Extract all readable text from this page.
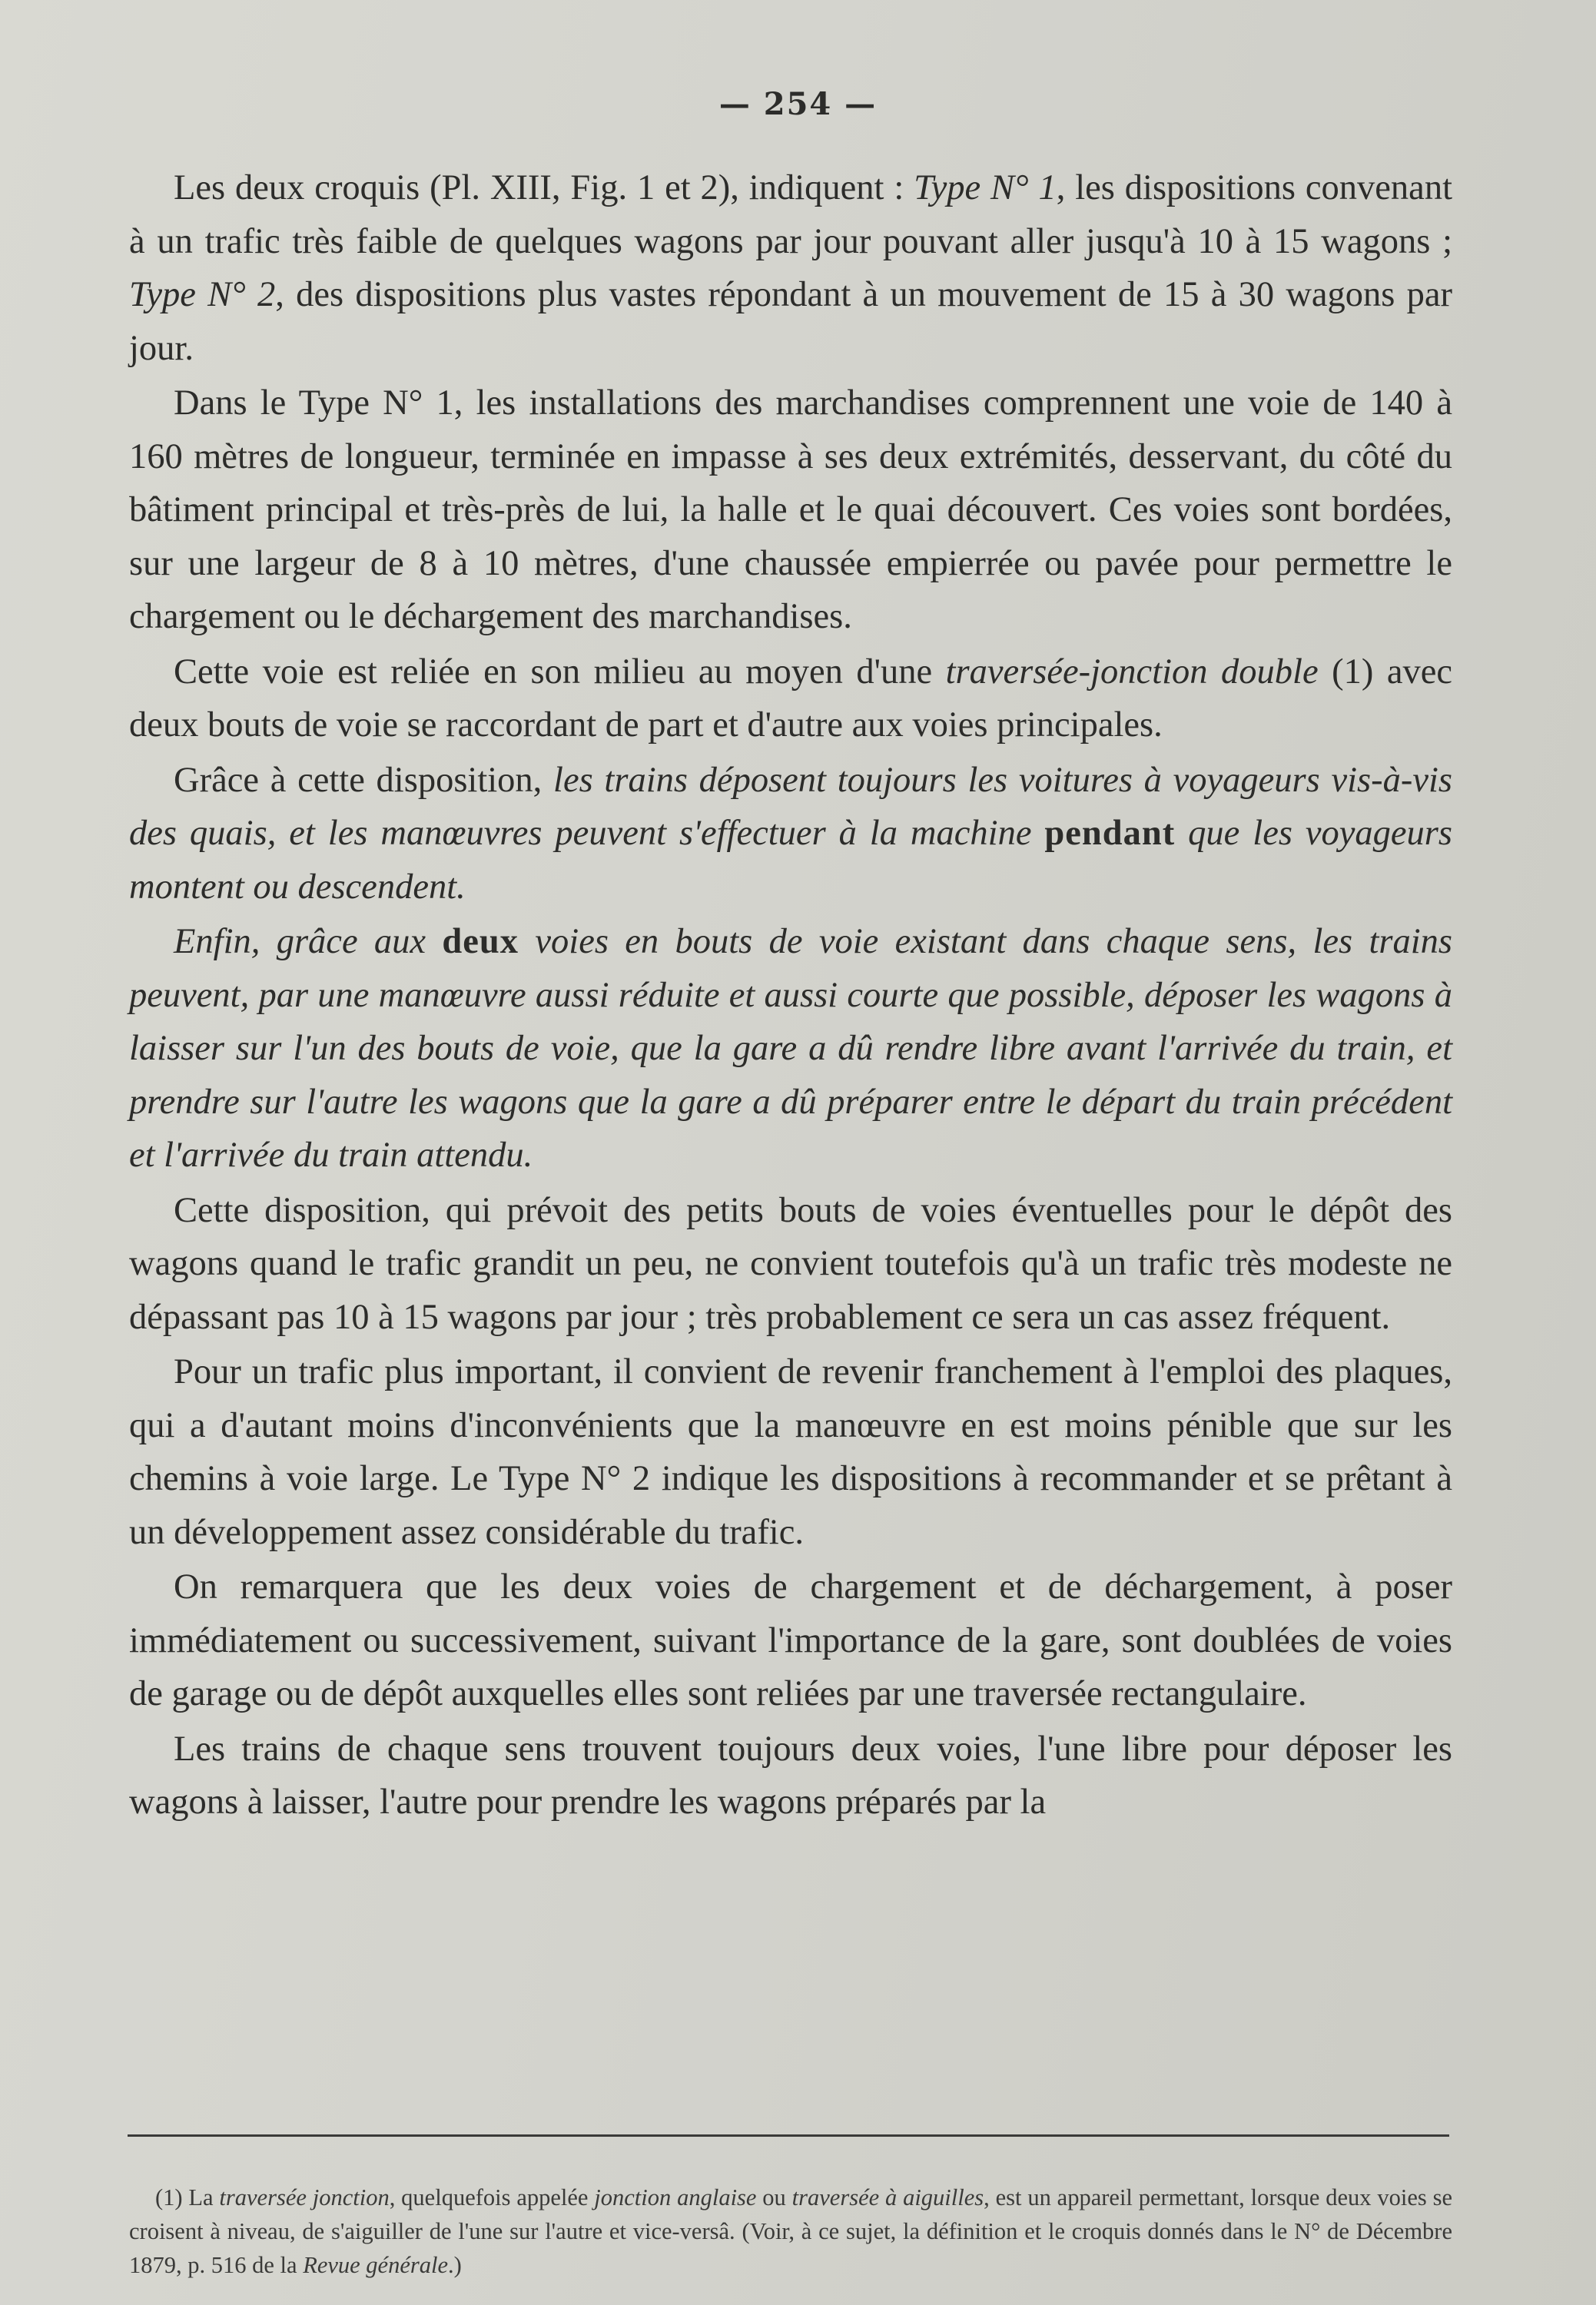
— 254 —

Les deux croquis (Pl. XIII, Fig. 1 et 2), indiquent : Type N° 1, les dispositions convenant à un trafic très faible de quelques wagons par jour pouvant aller jusqu'à 10 à 15 wagons ; Type N° 2, des dispositions plus vastes répondant à un mouvement de 15 à 30 wagons par jour.

Dans le Type N° 1, les installations des marchandises comprennent une voie de 140 à 160 mètres de longueur, terminée en impasse à ses deux extrémités, desservant, du côté du bâtiment principal et très-près de lui, la halle et le quai découvert. Ces voies sont bordées, sur une largeur de 8 à 10 mètres, d'une chaussée empierrée ou pavée pour permettre le chargement ou le déchargement des marchandises.

Cette voie est reliée en son milieu au moyen d'une traversée-jonction double (1) avec deux bouts de voie se raccordant de part et d'autre aux voies principales.

Grâce à cette disposition, les trains déposent toujours les voitures à voyageurs vis-à-vis des quais, et les manœuvres peuvent s'effectuer à la machine pendant que les voyageurs montent ou descendent.

Enfin, grâce aux deux voies en bouts de voie existant dans chaque sens, les trains peuvent, par une manœuvre aussi réduite et aussi courte que possible, déposer les wagons à laisser sur l'un des bouts de voie, que la gare a dû rendre libre avant l'arrivée du train, et prendre sur l'autre les wagons que la gare a dû préparer entre le départ du train précédent et l'arrivée du train attendu.

Cette disposition, qui prévoit des petits bouts de voies éventuelles pour le dépôt des wagons quand le trafic grandit un peu, ne convient toutefois qu'à un trafic très modeste ne dépassant pas 10 à 15 wagons par jour ; très probablement ce sera un cas assez fréquent.

Pour un trafic plus important, il convient de revenir franchement à l'emploi des plaques, qui a d'autant moins d'inconvénients que la manœuvre en est moins pénible que sur les chemins à voie large. Le Type N° 2 indique les dispositions à recommander et se prêtant à un développement assez considérable du trafic.

On remarquera que les deux voies de chargement et de déchargement, à poser immédiatement ou successivement, suivant l'importance de la gare, sont doublées de voies de garage ou de dépôt auxquelles elles sont reliées par une traversée rectangulaire.

Les trains de chaque sens trouvent toujours deux voies, l'une libre pour déposer les wagons à laisser, l'autre pour prendre les wagons préparés par la

(1) La traversée jonction, quelquefois appelée jonction anglaise ou traversée à aiguilles, est un appareil permettant, lorsque deux voies se croisent à niveau, de s'aiguiller de l'une sur l'autre et vice-versâ. (Voir, à ce sujet, la définition et le croquis donnés dans le N° de Décembre 1879, p. 516 de la Revue générale.)
